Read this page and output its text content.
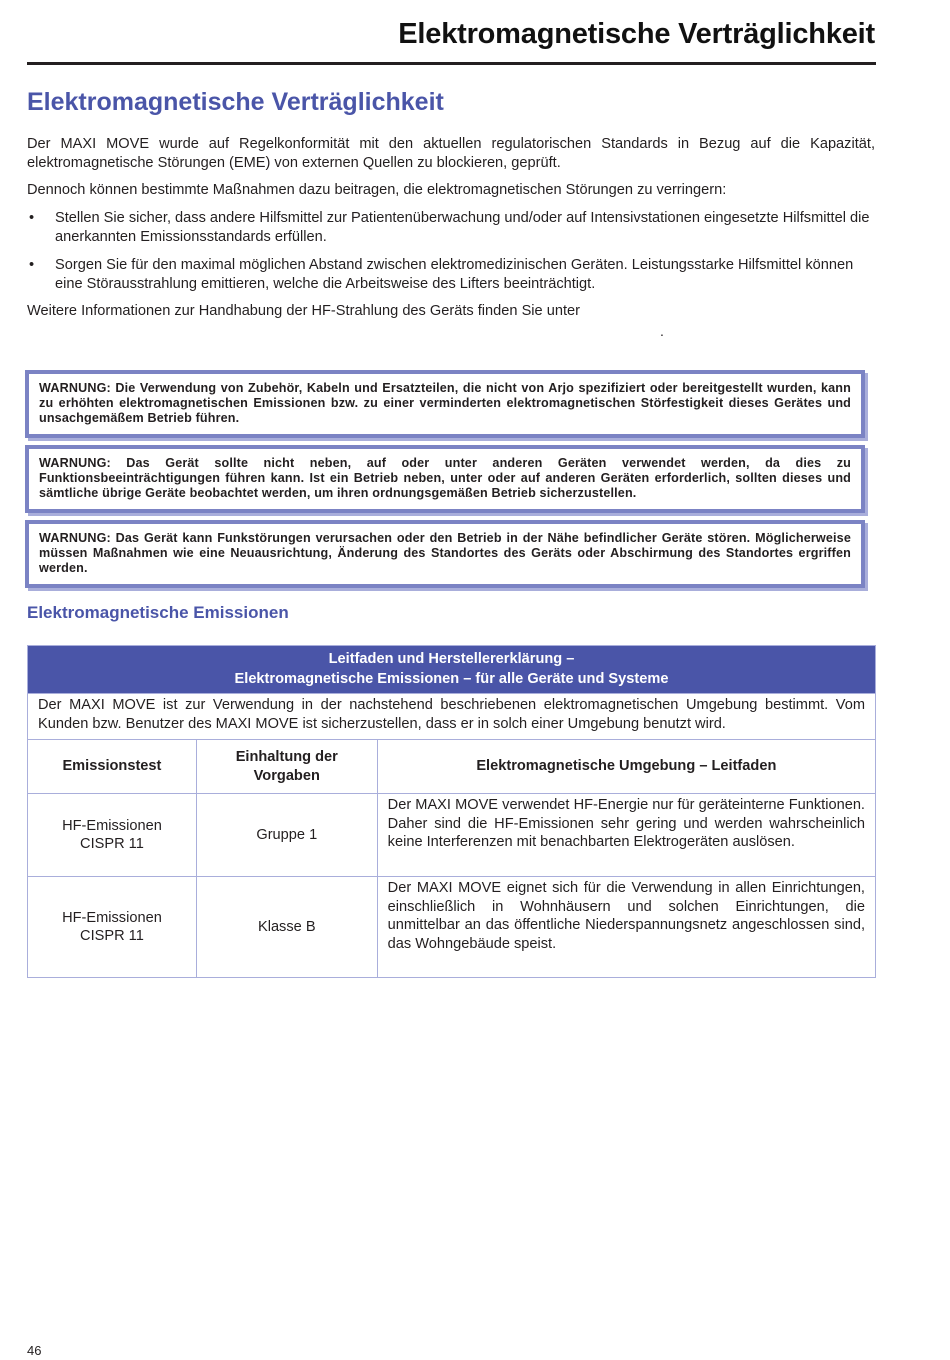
Elektromagnetische Verträglichkeit
Elektromagnetische Verträglichkeit

Der MAXI MOVE wurde auf Regelkonformität mit den aktuellen regulatorischen Standards in Bezug auf die Kapazität, elektromagnetische Störungen (EME) von externen Quellen zu blockieren, geprüft.

Dennoch können bestimmte Maßnahmen dazu beitragen, die elektromagnetischen Störungen zu verringern:

• Stellen Sie sicher, dass andere Hilfsmittel zur Patientenüberwachung und/oder auf Intensivstationen eingesetzte Hilfsmittel die anerkannten Emissionsstandards erfüllen.
• Sorgen Sie für den maximal möglichen Abstand zwischen elektromedizinischen Geräten. Leistungsstarke Hilfsmittel können eine Störausstrahlung emittieren, welche die Arbeitsweise des Lifters beeinträchtigt.

Weitere Informationen zur Handhabung der HF-Strahlung des Geräts finden Sie unter

.
WARNUNG: Die Verwendung von Zubehör, Kabeln und Ersatzteilen, die nicht von Arjo spezifiziert oder bereitgestellt wurden, kann zu erhöhten elektromagnetischen Emissionen bzw. zu einer verminderten elektromagnetischen Störfestigkeit dieses Gerätes und unsachgemäßem Betrieb führen.
WARNUNG: Das Gerät sollte nicht neben, auf oder unter anderen Geräten verwendet werden, da dies zu Funktionsbeeinträchtigungen führen kann. Ist ein Betrieb neben, unter oder auf anderen Geräten erforderlich, sollten dieses und sämtliche übrige Geräte beobachtet werden, um ihren ordnungsgemäßen Betrieb sicherzustellen.
WARNUNG: Das Gerät kann Funkstörungen verursachen oder den Betrieb in der Nähe befindlicher Geräte stören. Möglicherweise müssen Maßnahmen wie eine Neuausrichtung, Änderung des Standortes des Geräts oder Abschirmung des Standortes ergriffen werden.
Elektromagnetische Emissionen
Leitfaden und Herstellererklärung –
Elektromagnetische Emissionen – für alle Geräte und Systeme		

Der MAXI MOVE ist zur Verwendung in der nachstehend beschriebenen elektromagnetischen Umgebung bestimmt. Vom Kunden bzw. Benutzer des MAXI MOVE ist sicherzustellen, dass er in solch einer Umgebung benutzt wird.		
Emissionstest	Einhaltung der Vorgaben	Elektromagnetische Umgebung – Leitfaden

HF-Emissionen
CISPR 11	Gruppe 1	Der MAXI MOVE verwendet HF-Energie nur für geräteinterne Funktionen. Daher sind die HF-Emissionen sehr gering und werden wahrscheinlich keine Interferenzen mit benachbarten Elektrogeräten auslösen.

HF-Emissionen
CISPR 11	Klasse B	Der MAXI MOVE eignet sich für die Verwendung in allen Einrichtungen, einschließlich in Wohnhäusern und solchen Einrichtungen, die unmittelbar an das öffentliche Niederspannungsnetz angeschlossen sind, das Wohngebäude speist.
46
